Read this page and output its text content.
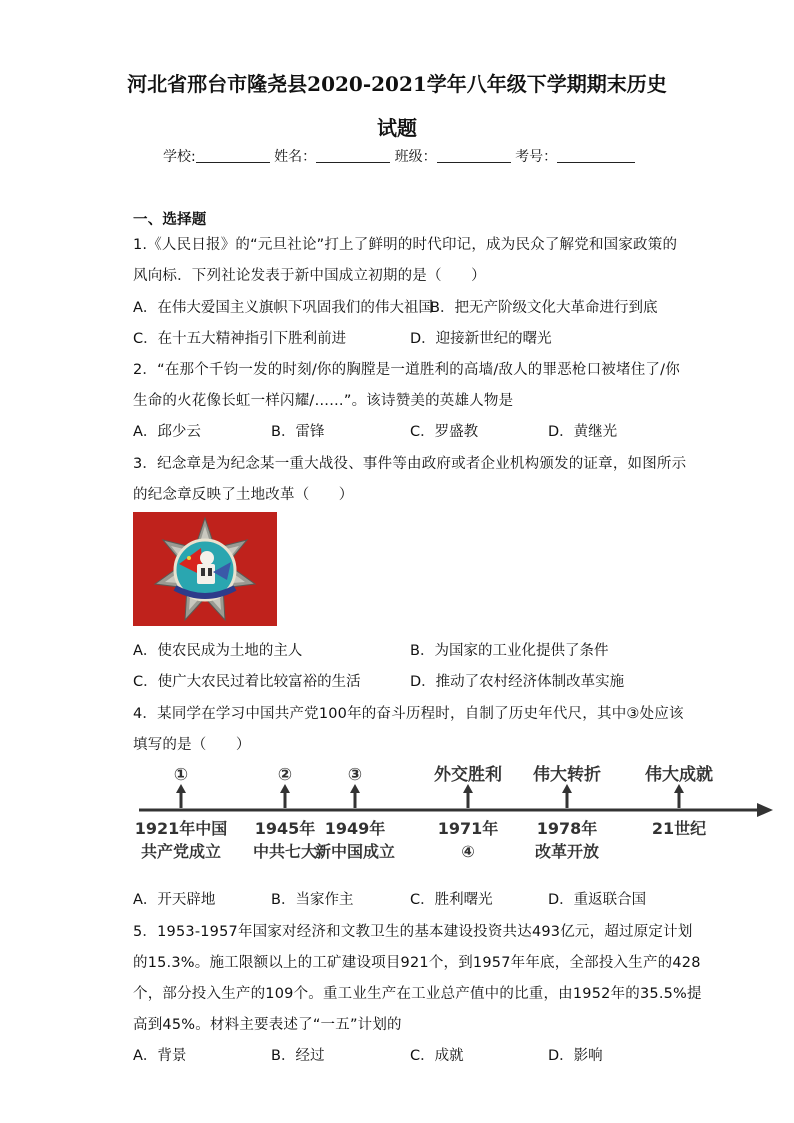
河北省邢台市隆尧县2020-2021学年八年级下学期期末历史
试题
学校:	姓名：	班级：	考号：
一、选择题
1.《人民日报》的“元旦社论”打上了鲜明的时代印记，成为民众了解党和国家政策的
风向标．下列社论发表于新中国成立初期的是（　　）
A．在伟大爱国主义旗帜下巩固我们的伟大祖国
B．把无产阶级文化大革命进行到底
C．在十五大精神指引下胜利前进	D．迎接新世纪的曙光
2．“在那个千钧一发的时刻/你的胸膛是一道胜利的高墙/敌人的罪恶枪口被堵住了/你
生命的火花像长虹一样闪耀/……”。该诗赞美的英雄人物是
A．邱少云	B．雷锋	C．罗盛教	D．黄继光
3．纪念章是为纪念某一重大战役、事件等由政府或者企业机构颁发的证章，如图所示
的纪念章反映了土地改革（　　）
A．使农民成为土地的主人	B．为国家的工业化提供了条件
C．使广大农民过着比较富裕的生活	D．推动了农村经济体制改革实施
4．某同学在学习中国共产党100年的奋斗历程时，自制了历史年代尺，其中③处应该
填写的是（　　）
①
1921年中国
共产党成立
②
1945年
中共七大
③
1949年
新中国成立
外交胜利
1971年
④
伟大转折
1978年
改革开放
伟大成就
21世纪
A．开天辟地	B．当家作主	C．胜利曙光	D．重返联合国
5．1953-1957年国家对经济和文教卫生的基本建设投资共达493亿元，超过原定计划
的15.3%。施工限额以上的工矿建设项目921个，到1957年年底，全部投入生产的428
个，部分投入生产的109个。重工业生产在工业总产值中的比重，由1952年的35.5%提
高到45%。材料主要表述了“一五”计划的
A．背景	B．经过	C．成就	D．影响
